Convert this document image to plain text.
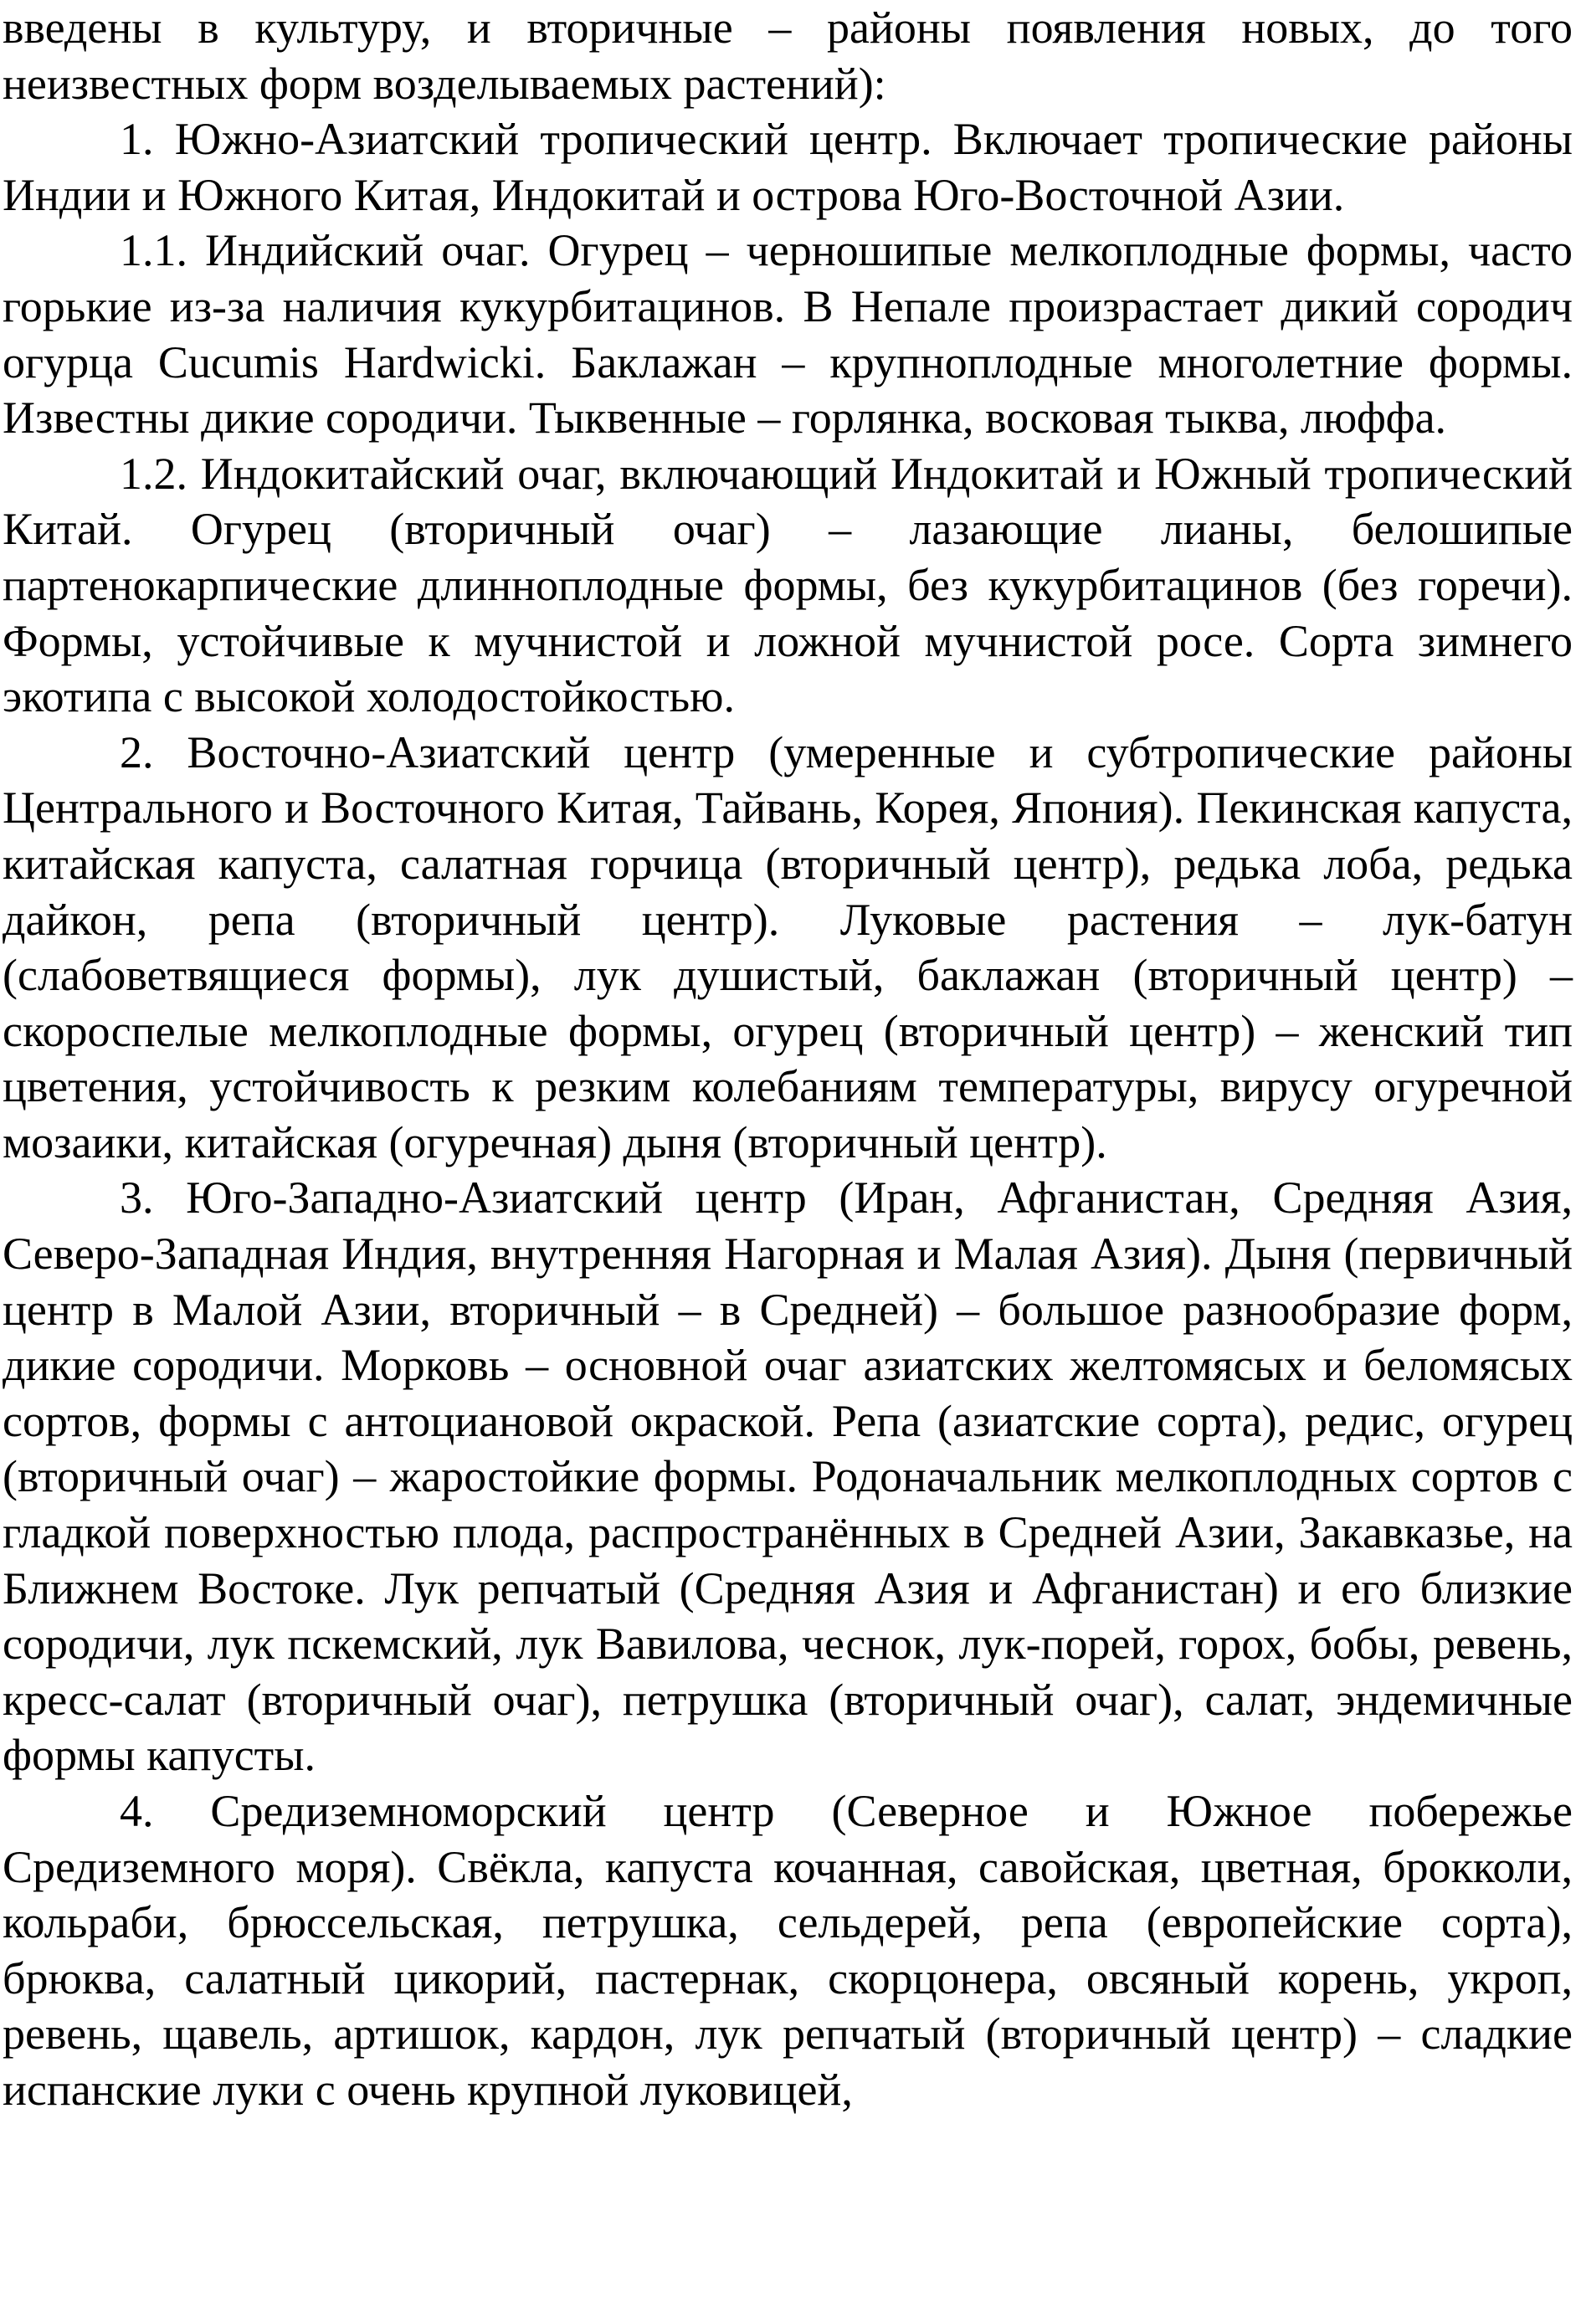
введены в культуру, и вторичные – районы появления новых, до того неизвестных форм возделываемых растений):

1. Южно-Азиатский тропический центр. Включает тропические районы Индии и Южного Китая, Индокитай и острова Юго-Восточной Азии.

1.1. Индийский очаг. Огурец – черношипые мелкоплодные формы, часто горькие из-за наличия кукурбитацинов. В Непале произрастает дикий сородич огурца Cucumis Hardwicki. Баклажан – крупноплодные многолетние формы. Известны дикие сородичи. Тыквенные – горлянка, восковая тыква, люффа.

1.2. Индокитайский очаг, включающий Индокитай и Южный тропический Китай. Огурец (вторичный очаг) – лазающие лианы, белошипые партенокарпические длинноплодные формы, без кукурбитацинов (без горечи). Формы, устойчивые к мучнистой и ложной мучнистой росе. Сорта зимнего экотипа с высокой холодостойкостью.

2. Восточно-Азиатский центр (умеренные и субтропические районы Центрального и Восточного Китая, Тайвань, Корея, Япония). Пекинская капуста, китайская капуста, салатная горчица (вторичный центр), редька лоба, редька дайкон, репа (вторичный центр). Луковые растения – лук-батун (слабоветвящиеся формы), лук душистый, баклажан (вторичный центр) – скороспелые мелкоплодные формы, огурец (вторичный центр) – женский тип цветения, устойчивость к резким колебаниям температуры, вирусу огуречной мозаики, китайская (огуречная) дыня (вторичный центр).

3. Юго-Западно-Азиатский центр (Иран, Афганистан, Средняя Азия, Северо-Западная Индия, внутренняя Нагорная и Малая Азия). Дыня (первичный центр в Малой Азии, вторичный – в Средней) – большое разнообразие форм, дикие сородичи. Морковь – основной очаг азиатских желтомясых и беломясых сортов, формы с антоциановой окраской. Репа (азиатские сорта), редис, огурец (вторичный очаг) – жаростойкие формы. Родоначальник мелкоплодных сортов с гладкой поверхностью плода, распространённых в Средней Азии, Закавказье, на Ближнем Востоке. Лук репчатый (Средняя Азия и Афганистан) и его близкие сородичи, лук пскемский, лук Вавилова, чеснок, лук-порей, горох, бобы, ревень, кресс-салат (вторичный очаг), петрушка (вторичный очаг), салат, эндемичные формы капусты.

4. Средиземноморский центр (Северное и Южное побережье Средиземного моря). Свёкла, капуста кочанная, савойская, цветная, брокколи, кольраби, брюссельская, петрушка, сельдерей, репа (европейские сорта), брюква, салатный цикорий, пастернак, скорцонера, овсяный корень, укроп, ревень, щавель, артишок, кардон, лук репчатый (вторичный центр) – сладкие испанские луки с очень крупной луковицей,
